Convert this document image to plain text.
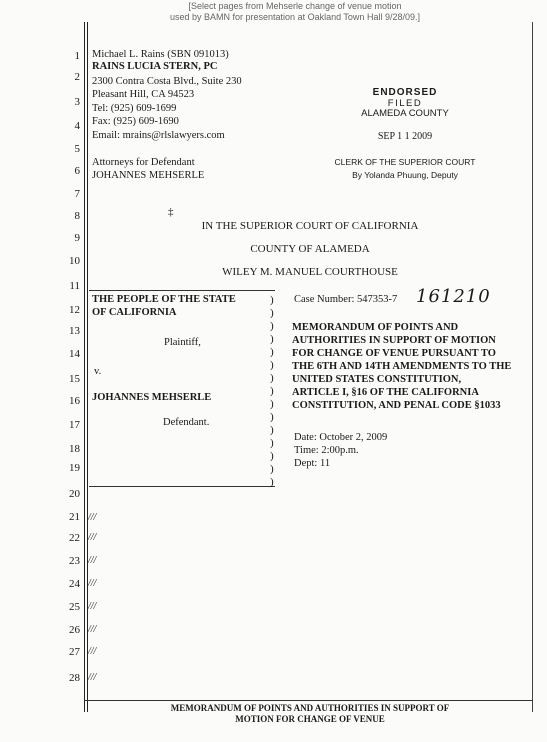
[Select pages from Mehserle change of venue motion
used by BAMN for presentation at Oakland Town Hall 9/28/09.]
1
2
3
4
5
6
7
8
9
10
11
12
13
14
15
16
17
18
19
20
21
22
23
24
25
26
27
28
Michael L. Rains (SBN 091013)
RAINS LUCIA STERN, PC
2300 Contra Costa Blvd., Suite 230
Pleasant Hill, CA 94523
Tel: (925) 609-1699
Fax: (925) 609-1690
Email: mrains@rlslawyers.com
Attorneys for Defendant
JOHANNES MEHSERLE
ENDORSED
FILED
ALAMEDA COUNTY
SEP 1 1 2009
CLERK OF THE SUPERIOR COURT
By Yolanda Phuung, Deputy
‡
IN THE SUPERIOR COURT OF CALIFORNIA
COUNTY OF ALAMEDA
WILEY M. MANUEL COURTHOUSE
THE PEOPLE OF THE STATE
OF CALIFORNIA
Plaintiff,
v.
JOHANNES MEHSERLE
Defendant.
)
)
)
)
)
)
)
)
)
)
)
)
)
)
)
Case Number: 547353-7 161210
MEMORANDUM OF POINTS AND
AUTHORITIES IN SUPPORT OF MOTION
FOR CHANGE OF VENUE PURSUANT TO
THE 6TH AND 14TH AMENDMENTS TO THE
UNITED STATES CONSTITUTION,
ARTICLE I, §16 OF THE CALIFORNIA
CONSTITUTION, AND PENAL CODE §1033
Date: October 2, 2009
Time: 2:00p.m.
Dept: 11
///
///
///
///
///
///
///
///
MEMORANDUM OF POINTS AND AUTHORITIES IN SUPPORT OF
MOTION FOR CHANGE OF VENUE
